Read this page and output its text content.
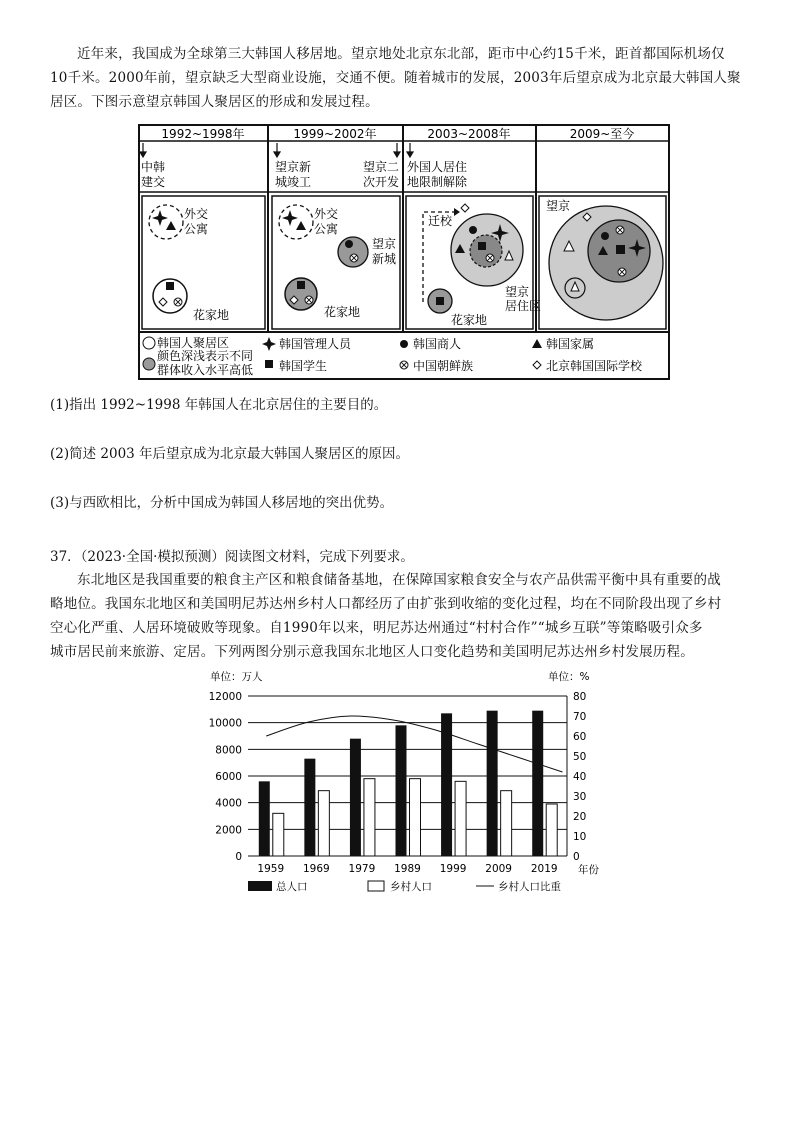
近年来，我国成为全球第三大韩国人移居地。望京地处北京东北部，距市中心约15千米，距首都国际机场仅

10千米。2000年前，望京缺乏大型商业设施，交通不便。随着城市的发展，2003年后望京成为北京最大韩国人聚

居区。下图示意望京韩国人聚居区的形成和发展过程。

1992~1998年	1999~2002年	2003~2008年	2009~至今
中韩
建交
望京新
城竣工
望京二
次开发
外国人居住
地限制解除
外交
公寓
花家地
外交
公寓
望京
新城
花家地
迁校
望京
居住区
花家地
望京
韩国人聚居区
颜色深浅表示不同
群体收入水平高低
韩国管理人员
韩国学生
韩国商人
中国朝鲜族
韩国家属
北京韩国国际学校

(1)指出 1992~1998 年韩国人在北京居住的主要目的。

(2)简述 2003 年后望京成为北京最大韩国人聚居区的原因。

(3)与西欧相比，分析中国成为韩国人移居地的突出优势。

37．（2023·全国·模拟预测）阅读图文材料，完成下列要求。

东北地区是我国重要的粮食主产区和粮食储备基地，在保障国家粮食安全与农产品供需平衡中具有重要的战

略地位。我国东北地区和美国明尼苏达州乡村人口都经历了由扩张到收缩的变化过程，均在不同阶段出现了乡村

空心化严重、人居环境破败等现象。自1990年以来，明尼苏达州通过“村村合作”“城乡互联”等策略吸引众多

城市居民前来旅游、定居。下列两图分别示意我国东北地区人口变化趋势和美国明尼苏达州乡村发展历程。

单位：万人	单位：%
年份
0
2000
4000
6000
8000
10000
12000
0
10
20
30
40
50
60
70
80
1959 1969 1979 1989 1999 2009 2019
总人口	乡村人口	乡村人口比重
